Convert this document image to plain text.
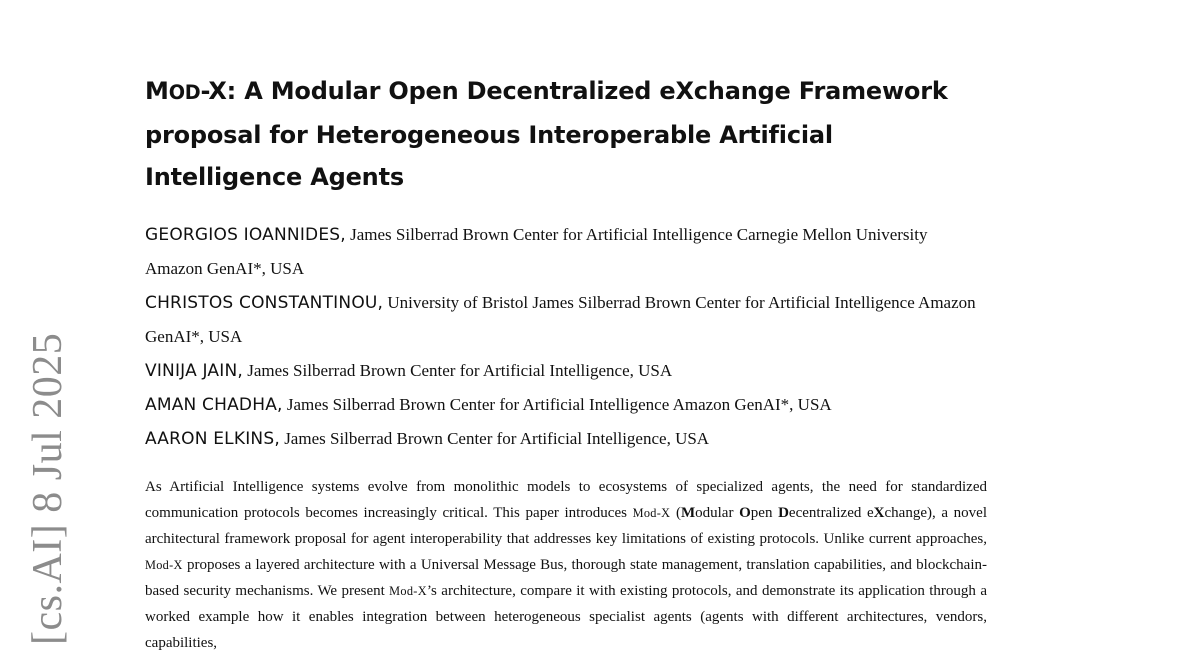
[cs.AI] 8 Jul 2025
MOD-X: A Modular Open Decentralized eXchange Framework proposal for Heterogeneous Interoperable Artificial Intelligence Agents

GEORGIOS IOANNIDES, James Silberrad Brown Center for Artificial Intelligence Carnegie Mellon University Amazon GenAI*, USA

CHRISTOS CONSTANTINOU, University of Bristol James Silberrad Brown Center for Artificial Intelligence Amazon GenAI*, USA

VINIJA JAIN, James Silberrad Brown Center for Artificial Intelligence, USA

AMAN CHADHA, James Silberrad Brown Center for Artificial Intelligence Amazon GenAI*, USA

AARON ELKINS, James Silberrad Brown Center for Artificial Intelligence, USA

As Artificial Intelligence systems evolve from monolithic models to ecosystems of specialized agents, the need for standardized communication protocols becomes increasingly critical. This paper introduces Mod-X (Modular Open Decentralized eXchange), a novel architectural framework proposal for agent interoperability that addresses key limitations of existing protocols. Unlike current approaches, Mod-X proposes a layered architecture with a Universal Message Bus, thorough state management, translation capabilities, and blockchain-based security mechanisms. We present Mod-X’s architecture, compare it with existing protocols, and demonstrate its application through a worked example how it enables integration between heterogeneous specialist agents (agents with different architectures, vendors, capabilities,
